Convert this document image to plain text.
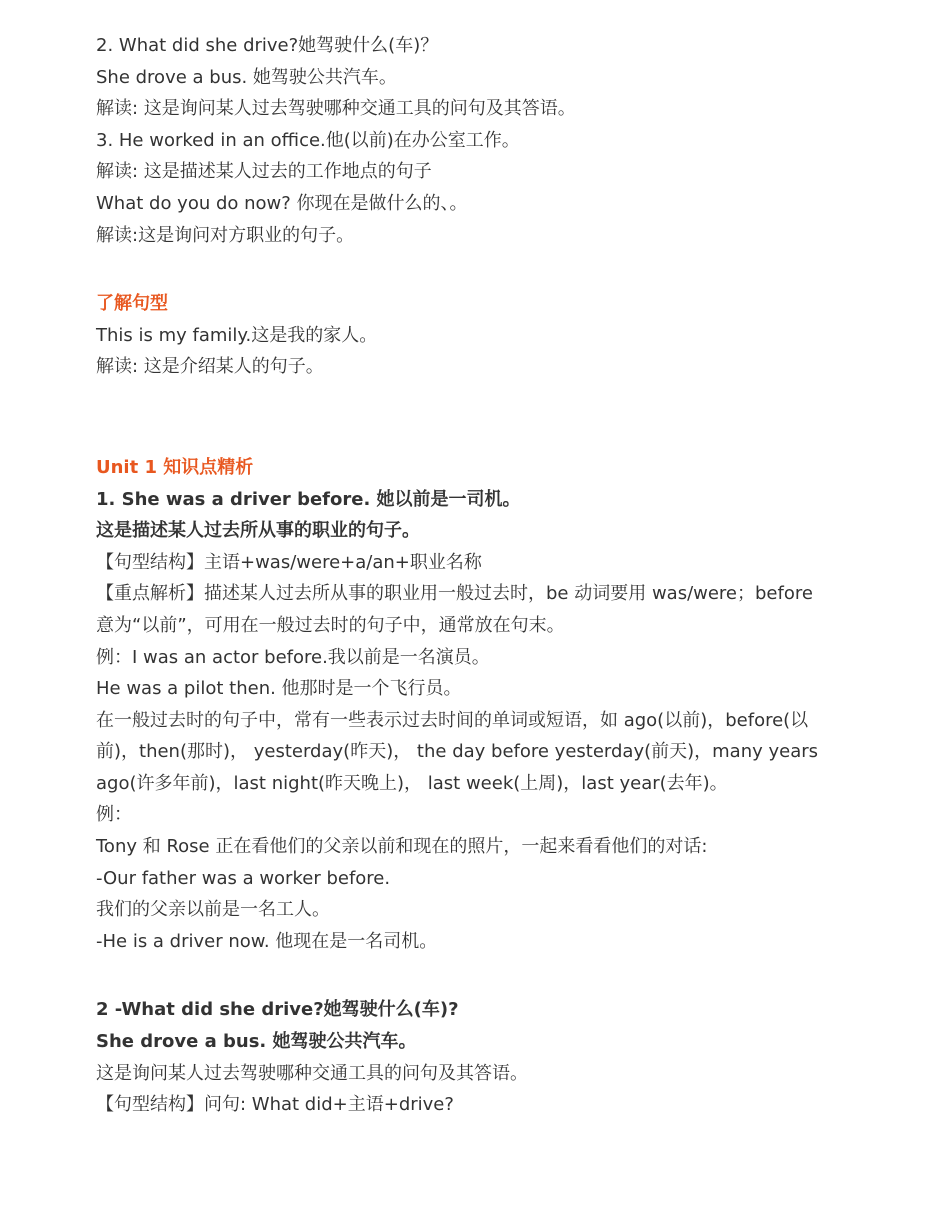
2. What did she drive?她驾驶什么(车)？

She drove a bus. 她驾驶公共汽车。

解读: 这是询问某人过去驾驶哪种交通工具的问句及其答语。

3. He worked in an office.他(以前)在办公室工作。

解读: 这是描述某人过去的工作地点的句子

What do you do now? 你现在是做什么的、。

解读:这是询问对方职业的句子。

了解句型

This is my family.这是我的家人。

解读: 这是介绍某人的句子。

Unit 1 知识点精析

1. She was a driver before. 她以前是一司机。

这是描述某人过去所从事的职业的句子。

【句型结构】主语+was/were+a/an+职业名称

【重点解析】描述某人过去所从事的职业用一般过去时，be 动词要用 was/were；before 意为“以前”，可用在一般过去时的句子中，通常放在句末。

例：I was an actor before.我以前是一名演员。

He was a pilot then. 他那时是一个飞行员。

在一般过去时的句子中，常有一些表示过去时间的单词或短语，如 ago(以前)，before(以前)，then(那时)， yesterday(昨天)， the day before yesterday(前天)，many years ago(许多年前)，last night(昨天晚上)， last week(上周)，last year(去年)。

例：

Tony 和 Rose 正在看他们的父亲以前和现在的照片，一起来看看他们的对话:

-Our father was a worker before.

我们的父亲以前是一名工人。

-He is a driver now. 他现在是一名司机。

2 -What did she drive?她驾驶什么(车)?

She drove a bus. 她驾驶公共汽车。

这是询问某人过去驾驶哪种交通工具的问句及其答语。

【句型结构】问句: What did+主语+drive?
